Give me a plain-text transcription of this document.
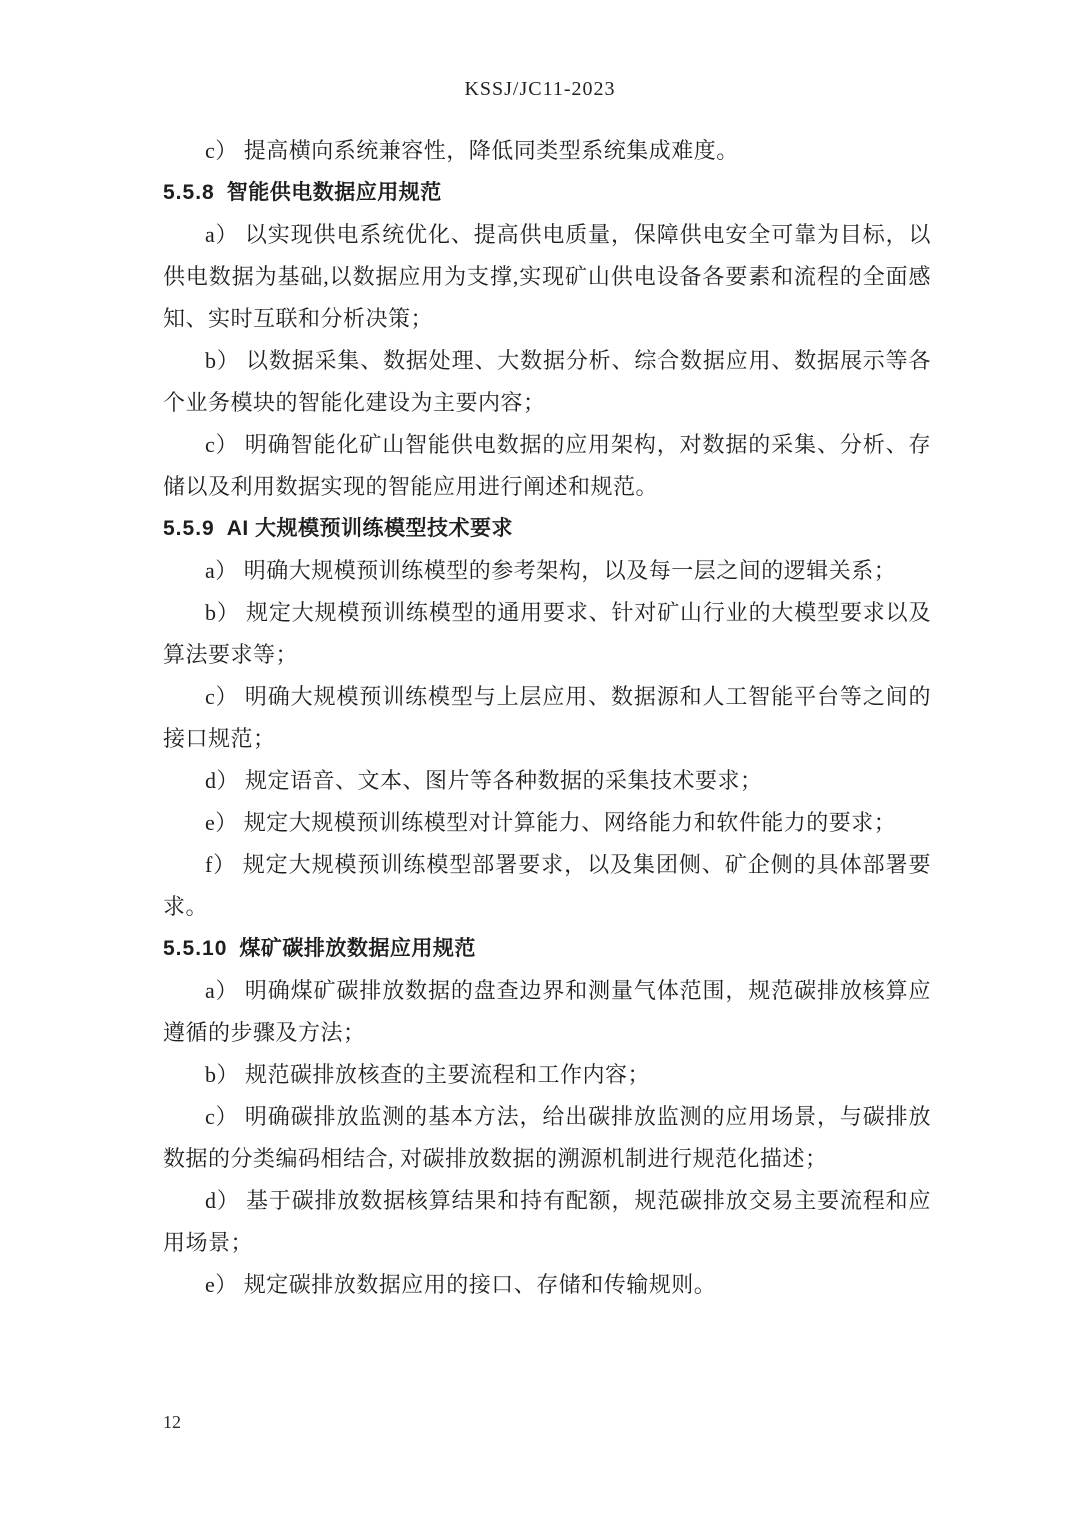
KSSJ/JC11-2023

c） 提高横向系统兼容性，降低同类型系统集成难度。

5.5.8 智能供电数据应用规范

a） 以实现供电系统优化、提高供电质量，保障供电安全可靠为目标，以供电数据为基础,以数据应用为支撑,实现矿山供电设备各要素和流程的全面感知、实时互联和分析决策；

b） 以数据采集、数据处理、大数据分析、综合数据应用、数据展示等各个业务模块的智能化建设为主要内容；

c） 明确智能化矿山智能供电数据的应用架构，对数据的采集、分析、存储以及利用数据实现的智能应用进行阐述和规范。

5.5.9 AI 大规模预训练模型技术要求

a） 明确大规模预训练模型的参考架构，以及每一层之间的逻辑关系；

b） 规定大规模预训练模型的通用要求、针对矿山行业的大模型要求以及算法要求等；

c） 明确大规模预训练模型与上层应用、数据源和人工智能平台等之间的接口规范；

d） 规定语音、文本、图片等各种数据的采集技术要求；

e） 规定大规模预训练模型对计算能力、网络能力和软件能力的要求；

f） 规定大规模预训练模型部署要求，以及集团侧、矿企侧的具体部署要求。

5.5.10 煤矿碳排放数据应用规范

a） 明确煤矿碳排放数据的盘查边界和测量气体范围，规范碳排放核算应遵循的步骤及方法；

b） 规范碳排放核查的主要流程和工作内容；

c） 明确碳排放监测的基本方法，给出碳排放监测的应用场景，与碳排放数据的分类编码相结合, 对碳排放数据的溯源机制进行规范化描述；

d） 基于碳排放数据核算结果和持有配额，规范碳排放交易主要流程和应用场景；

e） 规定碳排放数据应用的接口、存储和传输规则。

12
